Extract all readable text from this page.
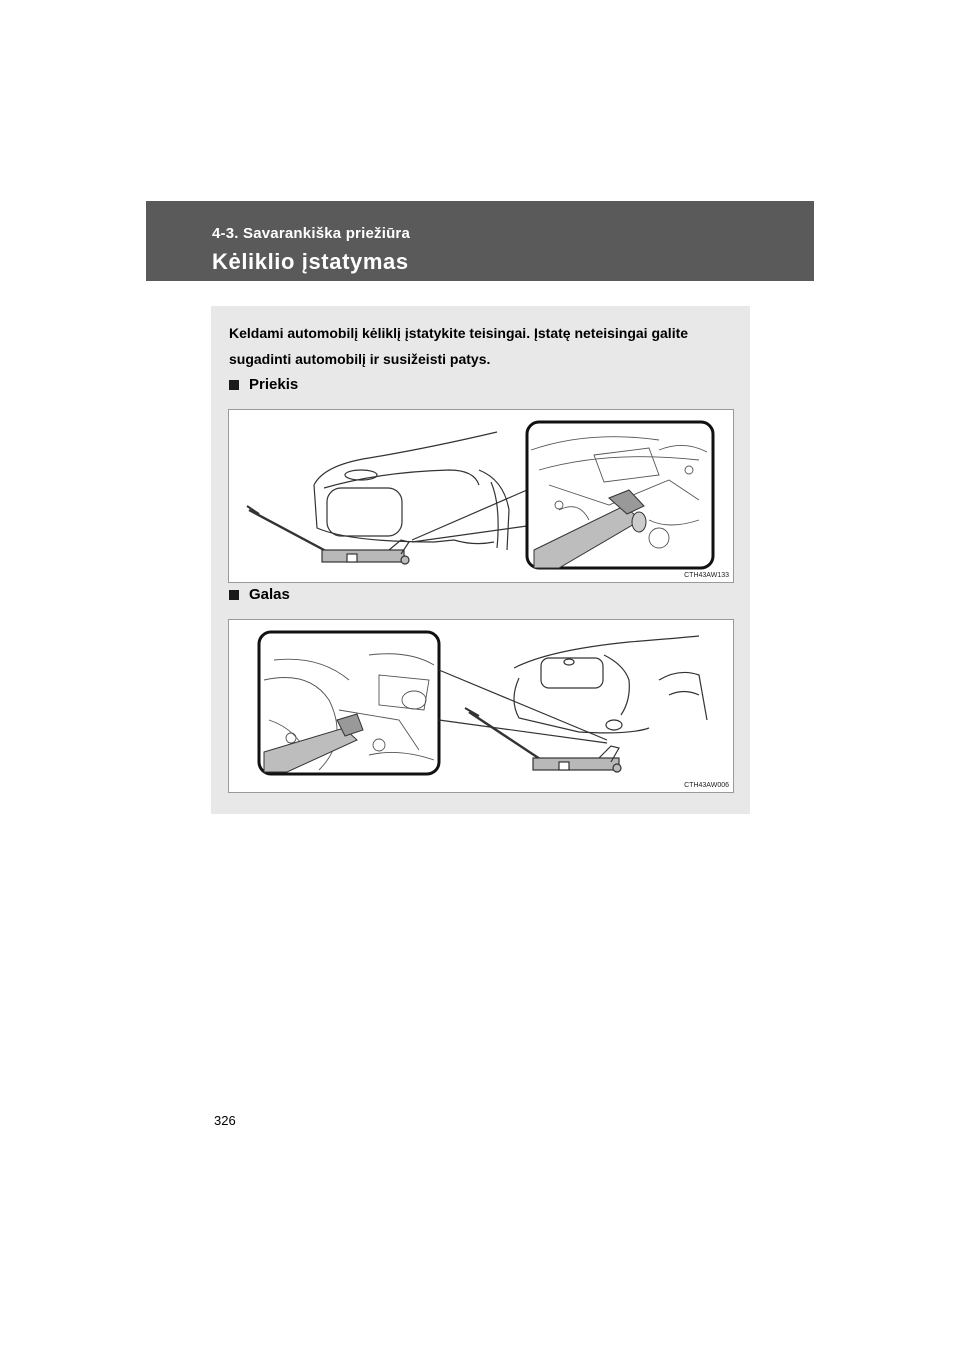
4-3. Savarankiška priežiūra
Kėliklio įstatymas
Keldami automobilį kėliklį įstatykite teisingai. Įstatę neteisingai galite sugadinti automobilį ir susižeisti patys.
Priekis
CTH43AW133
Galas
CTH43AW006
326
